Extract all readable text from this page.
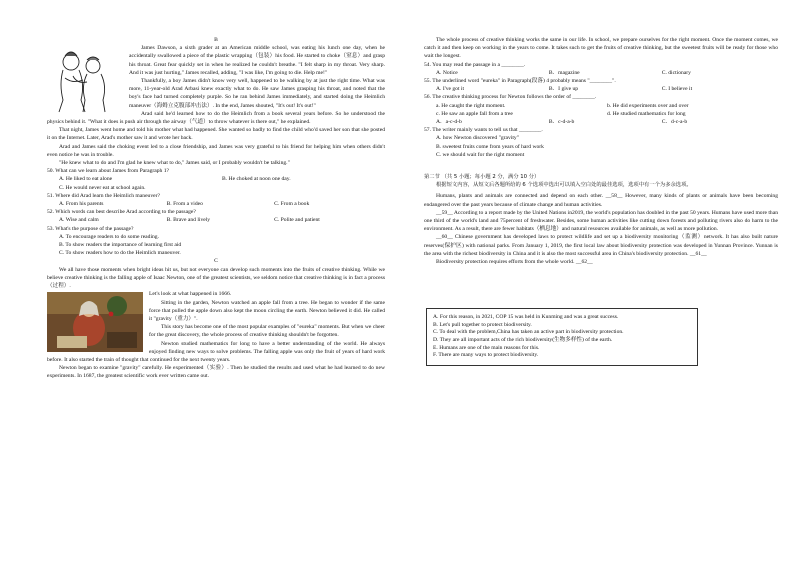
B

James Dawson, a sixth grader at an American middle school, was eating his lunch one day, when he accidentally swallowed a piece of the plastic wrapping（包装）his food. He started to choke（窒息）and grasp his throat. Great fear quickly set in when he realized he couldn't breathe. "I felt sharp in my throat. Very sharp. And it was just hurting," James recalled, adding, "I was like, I'm going to die. Help me!"

Thankfully, a boy James didn't know very well, happened to be walking by at just the right time. What was more, 11-year-old Arad Arbasi knew exactly what to do. He saw James grasping his throat, and noted that the boy's face had turned completely purple. So he ran behind James immediately, and started doing the Heimlich maneuver（海姆立克腹部冲击法）. In the end, James shouted, "It's out! It's out!"

Arad said he'd learned how to do the Heimlich from a book several years before. So he understood the physics behind it. "What it does is push air through the airway（气道）to throw whatever is there out," he explained.

That night, James went home and told his mother what had happened. She wanted so badly to find the child who'd saved her son that she posted it on the Internet. Later, Arad's mother saw it and wrote her back.

Arad and James said the choking event led to a close friendship, and James was very grateful to his friend for helping him when others didn't even notice he was in trouble.

"He knew what to do and I'm glad he knew what to do," James said, or I probably wouldn't be talking."

50. What can we learn about James from Paragraph 1?

A. He liked to eat alone	B. He choked at noon one day.
C. He would never eat at school again.

51. Where did Arad learn the Heimlich maneuver?

A. From his parents	B. From a video	C. From a book

52. Which words can best describe Arad according to the passage?

A. Wise and calm	B. Brave and lively	C. Polite and patient

53. What's the purpose of the passage?

A. To encourage readers to do some reading.
B. To show readers the importance of learning first aid
C. To show readers how to do the Heimlich maneuver.

C

We all have those moments when bright ideas hit us, but not everyone can develop such moments into the fruits of creative thinking. While we believe creative thinking is the falling apple of Isaac Newton, one of the greatest scientists, we seldom notice that creative thinking is in fact a process（过程）.

Let's look at what happened in 1666.

Sitting in the garden, Newton watched an apple fall from a tree. He began to wonder if the same force that pulled the apple down also kept the moon circling the earth. Newton believed it did. He called it "gravity（重力）".

This story has become one of the most popular examples of "eureka" moments. But when we cheer for the great discovery, the whole process of creative thinking shouldn't be forgotten.

Newton studied mathematics for long to have a better understanding of the world. He always enjoyed finding new ways to solve problems. The falling apple was only the fruit of years of hard work before. It also started the train of thought that continued for the next twenty years.

Newton began to examine "gravity" carefully. He experimented（实验）. Then he studied the results and used what he had learned to do new experiments. In 1687, the greatest scientific work ever written came out.

The whole process of creative thinking works the same in our life. In school, we prepare ourselves for the right moment. Once the moment comes, we catch it and then keep on working in the years to come. It takes such to get the fruits of creative thinking, but the sweetest fruits will be ready for those who wait the longest.

54. You may read the passage in a ________.

A. Notice	B．magazine	C. dictionary

55. The underlined word "eureka" in Paragraph(段落) 4 probably means "________".

A. I've got it	B．I give up	C. I believe it

56. The creative thinking process for Newton follows the order of ________.

a. He caught the right moment.	b. He did experiments over and over
c. He saw an apple fall from a tree	d. He studied mathematics for long
A．a-c-d-b	B．c-d-a-b	C．d-c-a-b

57. The writer mainly wants to tell us that ________.

A. how Newton discovered "gravity"
B. sweetest fruits come from years of hard work
C. we should wait for the right moment

第二节 （共 5 小题；每小题 2 分，满分 10 分）

根据短文内容，从短文后各题所给的 6 个选项中选出可以填入空白处的最佳选项，选项中有一个为多余选项。

Humans, plants and animals are connected and depend on each other. __58__ However, many kinds of plants or animals have been becoming endangered over the past years because of climate change and human activities.

__59__ According to a report made by the United Nations in2019, the world's population has doubled in the past 50 years. Humans have used more than one third of the world's land and 75percent of freshwater. Besides, some human activities like cutting down forests and polluting rivers also do harm to the environment. As a result, there are fewer habitats（栖息地）and natural resources available for animals, as well as more pollution.

__60__ Chinese government has developed laws to protect wildlife and set up a biodiversity monitoring（监测）network. It has also built nature reserves(保护区) with national parks. From January 1, 2019, the first local law about biodiversity protection was developed in Yunnan Province. Yunnan is the area with the richest biodiversity in China and it is also the most successful area in China's biodiversity protection. __61__

Biodiversity protection requires efforts from the whole world. __62__

A. For this reason, in 2021, COP 15 was held in Kunming and was a great success.

B. Let's pull together to protect biodiversity.

C. To deal with the problem,China has taken an active part in biodiversity protection.

D. They are all important acts of the rich biodiversity(生物多样性) of the earth.

E. Humans are one of the main reasons for this.

F. There are many ways to protect biodiversity.
